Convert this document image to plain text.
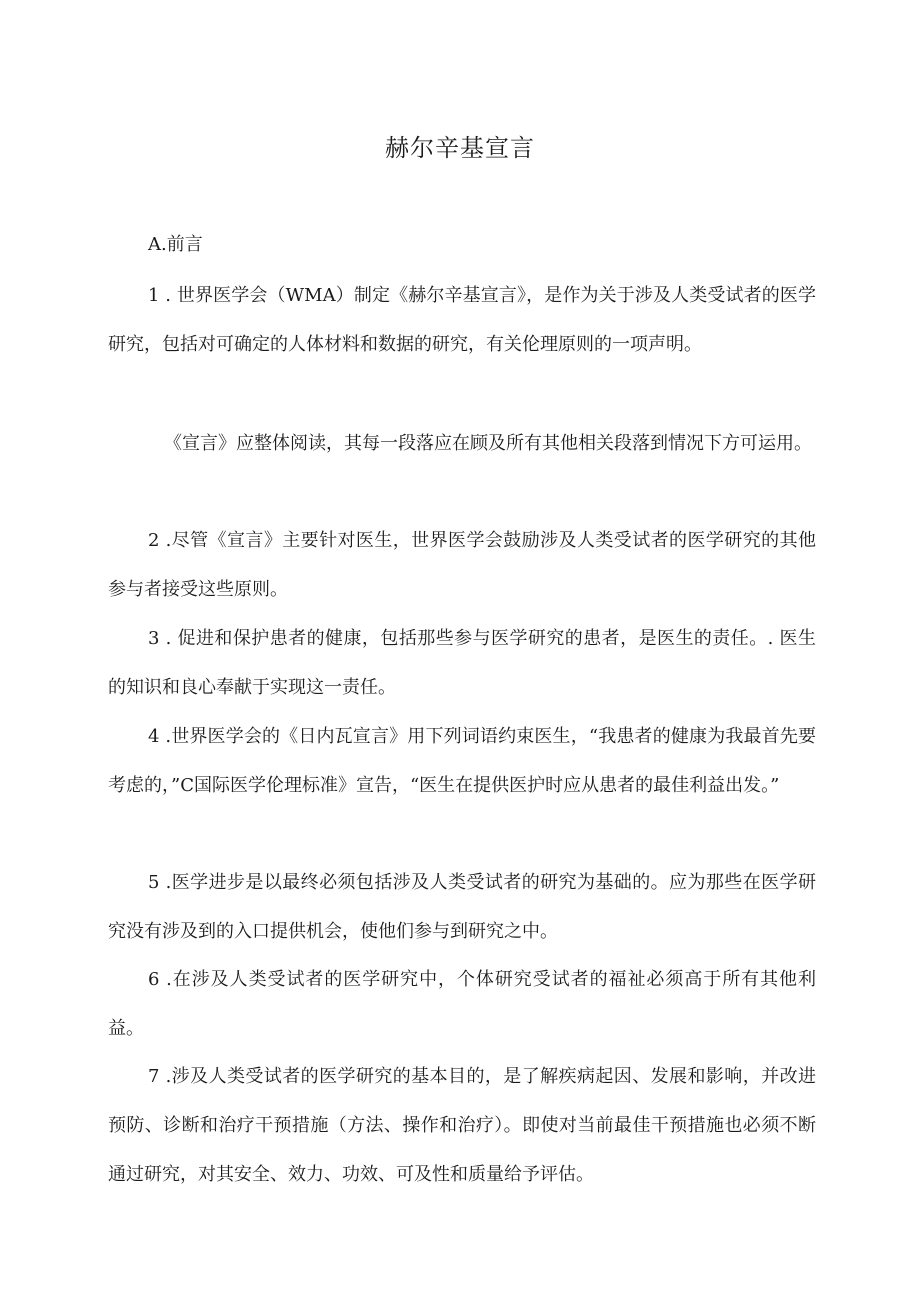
赫尔辛基宣言
A.前言

1 . 世界医学会（WMA）制定《赫尔辛基宣言》，是作为关于涉及人类受试者的医学研究，包括对可确定的人体材料和数据的研究，有关伦理原则的一项声明。

《宣言》应整体阅读，其每一段落应在顾及所有其他相关段落到情况下方可运用。

2 .尽管《宣言》主要针对医生，世界医学会鼓励涉及人类受试者的医学研究的其他参与者接受这些原则。

3 . 促进和保护患者的健康，包括那些参与医学研究的患者，是医生的责任。. 医生的知识和良心奉献于实现这一责任。

4 .世界医学会的《日内瓦宣言》用下列词语约束医生，“我患者的健康为我最首先要考虑的，”C国际医学伦理标准》宣告，“医生在提供医护时应从患者的最佳利益出发。”

5 .医学进步是以最终必须包括涉及人类受试者的研究为基础的。应为那些在医学研究没有涉及到的入口提供机会，使他们参与到研究之中。

6 .在涉及人类受试者的医学研究中，个体研究受试者的福祉必须高于所有其他利益。

7 .涉及人类受试者的医学研究的基本目的，是了解疾病起因、发展和影响，并改进预防、诊断和治疗干预措施（方法、操作和治疗）。即使对当前最佳干预措施也必须不断通过研究，对其安全、效力、功效、可及性和质量给予评估。
